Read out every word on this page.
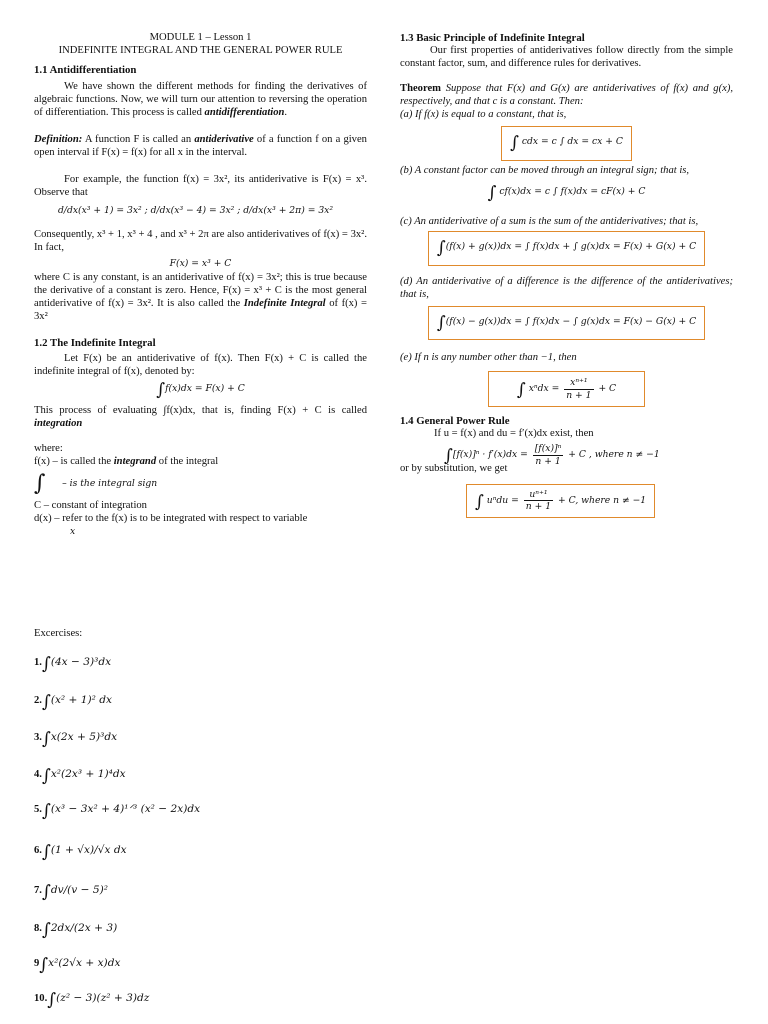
MODULE 1 – Lesson 1

INDEFINITE INTEGRAL AND THE GENERAL POWER RULE

1.1 Antidifferentiation

We have shown the different methods for finding the derivatives of algebraic functions. Now, we will turn our attention to reversing the operation of differentiation. This process is called antidifferentiation.

Definition: A function F is called an antiderivative of a function f on a given open interval if F(x) = f(x) for all x in the interval.

For example, the function f(x) = 3x², its antiderivative is F(x) = x³. Observe that

d/dx(x³ + 1) = 3x² ; d/dx(x³ − 4) = 3x² ; d/dx(x³ + 2π) = 3x²

Consequently, x³ + 1, x³ + 4 , and x³ + 2π are also antiderivatives of f(x) = 3x². In fact,

F(x) = x³ + C

where C is any constant, is an antiderivative of f(x) = 3x²; this is true because the derivative of a constant is zero. Hence, F(x) = x³ + C is the most general antiderivative of f(x) = 3x². It is also called the Indefinite Integral of f(x) = 3x²

1.2 The Indefinite Integral

Let F(x) be an antiderivative of f(x). Then F(x) + C is called the indefinite integral of f(x), denoted by:

∫f(x)dx = F(x) + C

This process of evaluating ∫f(x)dx, that is, finding F(x) + C is called integration

where:

f(x) – is called the integrand of the integral

∫ – is the integral sign

C – constant of integration

d(x) – refer to the f(x) is to be integrated with respect to variable

x

1.3 Basic Principle of Indefinite Integral

Our first properties of antiderivatives follow directly from the simple constant factor, sum, and difference rules for derivatives.

Theorem Suppose that F(x) and G(x) are antiderivatives of f(x) and g(x), respectively, and that c is a constant. Then:

(a) If f(x) is equal to a constant, that is,

∫ cdx = c ∫ dx = cx + C

(b) A constant factor can be moved through an integral sign; that is,

∫ cf(x)dx = c ∫ f(x)dx = cF(x) + C

(c) An antiderivative of a sum is the sum of the antiderivatives; that is,

∫(f(x) + g(x))dx = ∫ f(x)dx + ∫ g(x)dx = F(x) + G(x) + C

(d) An antiderivative of a difference is the difference of the antiderivatives; that is,

∫(f(x) − g(x))dx = ∫ f(x)dx − ∫ g(x)dx = F(x) − G(x) + C

(e) If n is any number other than −1, then

∫ $x^ndx = \frac{\text{xⁿ⁺¹}}{n + 1} + C$

1.4 General Power Rule

If u = f(x) and du = f′(x)dx exist, then

$\int[f(x)]^n \cdot f'(x)dx = \frac{\text{[f(x)]ⁿ}}{n + 1} + C$ , where n ≠ −1

or by substitution, we get

∫ $u^ndu = \frac{\text{uⁿ⁺¹}}{n + 1} + C$, where n ≠ −1

Excercises:

1.∫(4x − 3)³dx

2.∫(x² + 1)² dx

3.∫x(2x + 5)³dx

4.∫x²(2x³ + 1)⁴dx

5.∫(x³ − 3x² + 4)¹ᐟ³ (x² − 2x)dx

6.∫(1 + √x)/√x dx

7.∫dv/(v − 5)²

8.∫2dx/(2x + 3)

9∫x²(2√x + x)dx

10.∫(z² − 3)(z² + 3)dz
